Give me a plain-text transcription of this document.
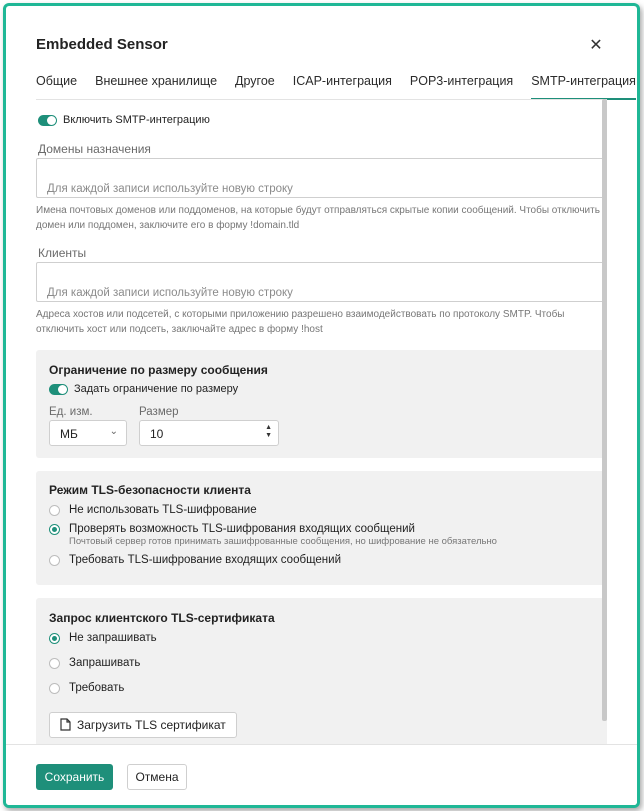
Embedded Sensor	✕
Общие Внешнее хранилище Другое ICAP-интеграция POP3-интеграция SMTP-интеграция
Включить SMTP-интеграцию
Домены назначения
Для каждой записи используйте новую строку
Имена почтовых доменов или поддоменов, на которые будут отправляться скрытые копии сообщений. Чтобы отключить домен или поддомен, заключите его в форму !domain.tld
Клиенты
Для каждой записи используйте новую строку
Адреса хостов или подсетей, с которыми приложению разрешено взаимодействовать по протоколу SMTP. Чтобы отключить хост или подсеть, заключайте адрес в форму !host
Ограничение по размеру сообщения
Задать ограничение по размеру
Ед. изм.
МБ	⌄
Размер
10	▲
▼
Режим TLS-безопасности клиента
Не использовать TLS-шифрование
Проверять возможность TLS-шифрования входящих сообщений
Почтовый сервер готов принимать зашифрованные сообщения, но шифрование не обязательно
Требовать TLS-шифрование входящих сообщений
Запрос клиентского TLS-сертификата
Не запрашивать
Запрашивать
Требовать
Загрузить TLS сертификат
Сохранить	Отмена
